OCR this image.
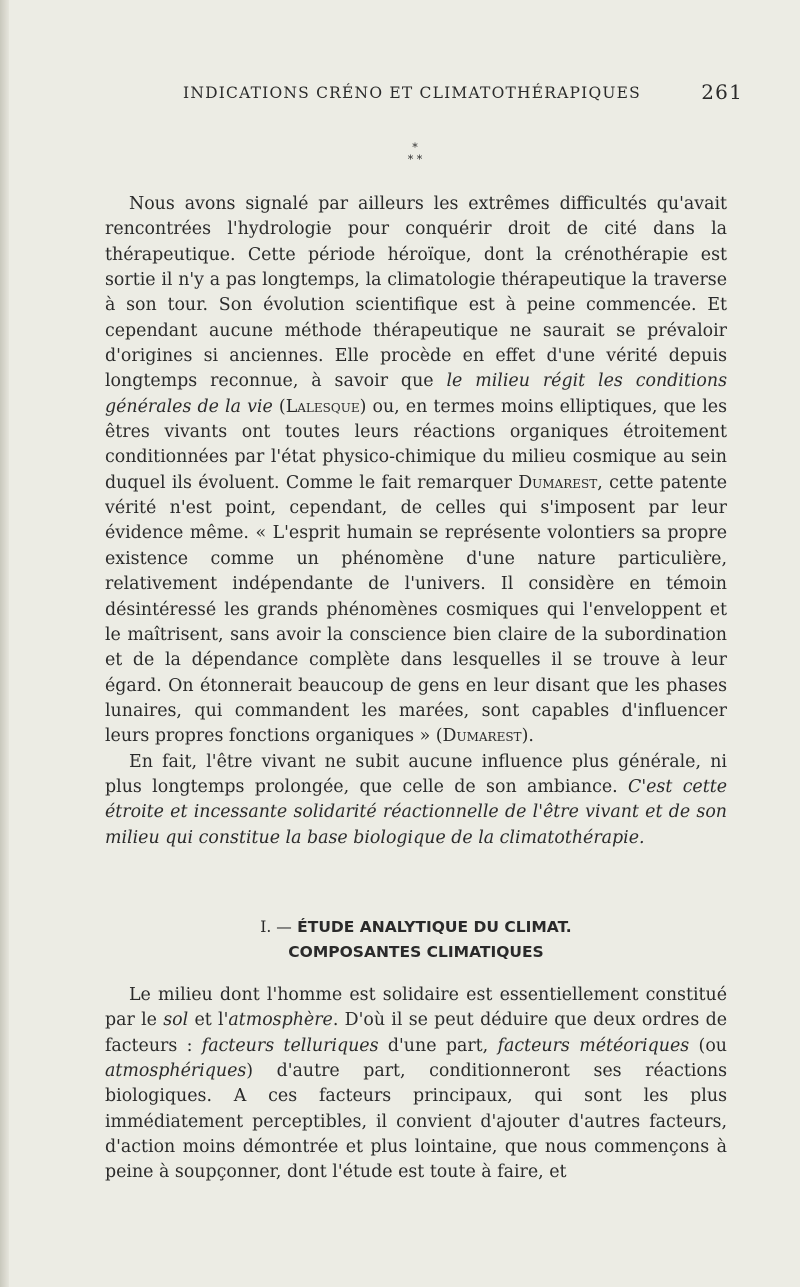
INDICATIONS CRÉNO ET CLIMATOTHÉRAPIQUES	261
*
* *

Nous avons signalé par ailleurs les extrêmes difficultés qu'avait rencontrées l'hydrologie pour conquérir droit de cité dans la thérapeutique. Cette période héroïque, dont la crénothérapie est sortie il n'y a pas longtemps, la climatologie thérapeutique la traverse à son tour. Son évolution scientifique est à peine commencée. Et cependant aucune méthode thérapeutique ne saurait se prévaloir d'origines si anciennes. Elle procède en effet d'une vérité depuis longtemps reconnue, à savoir que le milieu régit les conditions générales de la vie (Lalesque) ou, en termes moins elliptiques, que les êtres vivants ont toutes leurs réactions organiques étroitement conditionnées par l'état physico-chimique du milieu cosmique au sein duquel ils évoluent. Comme le fait remarquer Dumarest, cette patente vérité n'est point, cependant, de celles qui s'imposent par leur évidence même. « L'esprit humain se représente volontiers sa propre existence comme un phénomène d'une nature particulière, relativement indépendante de l'univers. Il considère en témoin désintéressé les grands phénomènes cosmiques qui l'enveloppent et le maîtrisent, sans avoir la conscience bien claire de la subordination et de la dépendance complète dans lesquelles il se trouve à leur égard. On étonnerait beaucoup de gens en leur disant que les phases lunaires, qui commandent les marées, sont capables d'influencer leurs propres fonctions organiques » (Dumarest).

En fait, l'être vivant ne subit aucune influence plus générale, ni plus longtemps prolongée, que celle de son ambiance. C'est cette étroite et incessante solidarité réactionnelle de l'être vivant et de son milieu qui constitue la base biologique de la climatothérapie.

I. — ÉTUDE ANALYTIQUE DU CLIMAT.
COMPOSANTES CLIMATIQUES

Le milieu dont l'homme est solidaire est essentiellement constitué par le sol et l'atmosphère. D'où il se peut déduire que deux ordres de facteurs : facteurs telluriques d'une part, facteurs météoriques (ou atmosphériques) d'autre part, conditionneront ses réactions biologiques. A ces facteurs principaux, qui sont les plus immédiatement perceptibles, il convient d'ajouter d'autres facteurs, d'action moins démontrée et plus lointaine, que nous commençons à peine à soupçonner, dont l'étude est toute à faire, et
